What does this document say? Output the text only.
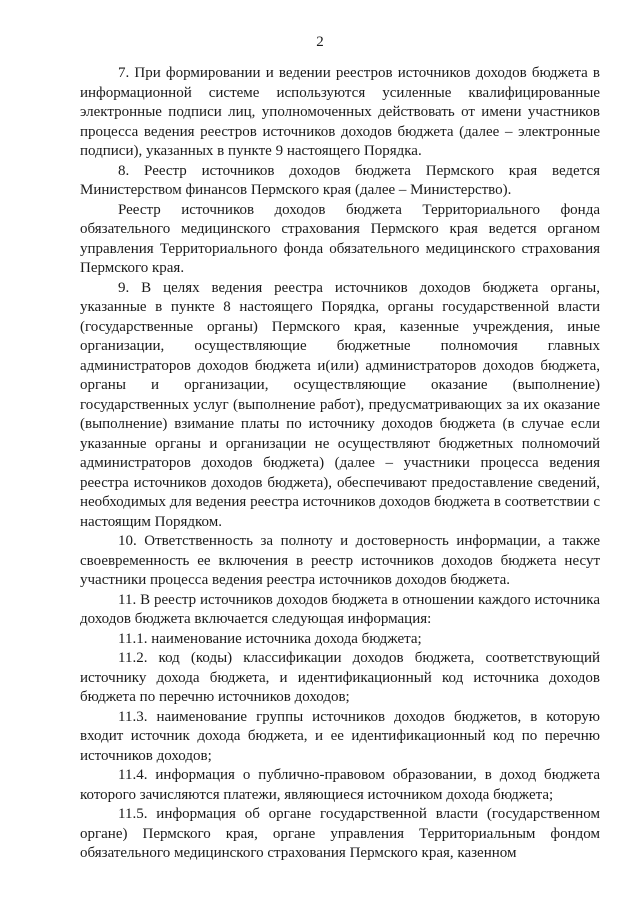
2

7. При формировании и ведении реестров источников доходов бюджета в информационной системе используются усиленные квалифицированные электронные подписи лиц, уполномоченных действовать от имени участников процесса ведения реестров источников доходов бюджета (далее – электронные подписи), указанных в пункте 9 настоящего Порядка.

8. Реестр источников доходов бюджета Пермского края ведется Министерством финансов Пермского края (далее – Министерство).

Реестр источников доходов бюджета Территориального фонда обязательного медицинского страхования Пермского края ведется органом управления Территориального фонда обязательного медицинского страхования Пермского края.

9. В целях ведения реестра источников доходов бюджета органы, указанные в пункте 8 настоящего Порядка, органы государственной власти (государственные органы) Пермского края, казенные учреждения, иные организации, осуществляющие бюджетные полномочия главных администраторов доходов бюджета и(или) администраторов доходов бюджета, органы и организации, осуществляющие оказание (выполнение) государственных услуг (выполнение работ), предусматривающих за их оказание (выполнение) взимание платы по источнику доходов бюджета (в случае если указанные органы и организации не осуществляют бюджетных полномочий администраторов доходов бюджета) (далее – участники процесса ведения реестра источников доходов бюджета), обеспечивают предоставление сведений, необходимых для ведения реестра источников доходов бюджета в соответствии с настоящим Порядком.

10. Ответственность за полноту и достоверность информации, а также своевременность ее включения в реестр источников доходов бюджета несут участники процесса ведения реестра источников доходов бюджета.

11. В реестр источников доходов бюджета в отношении каждого источника доходов бюджета включается следующая информация:

11.1. наименование источника дохода бюджета;

11.2. код (коды) классификации доходов бюджета, соответствующий источнику дохода бюджета, и идентификационный код источника доходов бюджета по перечню источников доходов;

11.3. наименование группы источников доходов бюджетов, в которую входит источник дохода бюджета, и ее идентификационный код по перечню источников доходов;

11.4. информация о публично-правовом образовании, в доход бюджета которого зачисляются платежи, являющиеся источником дохода бюджета;

11.5. информация об органе государственной власти (государственном органе) Пермского края, органе управления Территориальным фондом обязательного медицинского страхования Пермского края, казенном
